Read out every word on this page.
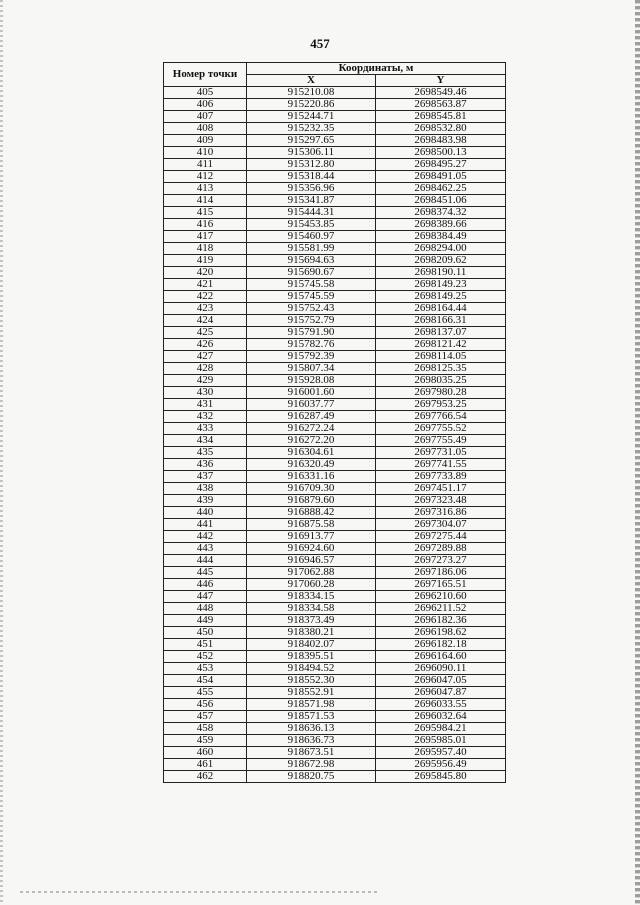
457
Номер точки	Координаты, м	
	X	Y
405	915210.08	2698549.46
406	915220.86	2698563.87
407	915244.71	2698545.81
408	915232.35	2698532.80
409	915297.65	2698483.98
410	915306.11	2698500.13
411	915312.80	2698495.27
412	915318.44	2698491.05
413	915356.96	2698462.25
414	915341.87	2698451.06
415	915444.31	2698374.32
416	915453.85	2698389.66
417	915460.97	2698384.49
418	915581.99	2698294.00
419	915694.63	2698209.62
420	915690.67	2698190.11
421	915745.58	2698149.23
422	915745.59	2698149.25
423	915752.43	2698164.44
424	915752.79	2698166.31
425	915791.90	2698137.07
426	915782.76	2698121.42
427	915792.39	2698114.05
428	915807.34	2698125.35
429	915928.08	2698035.25
430	916001.60	2697980.28
431	916037.77	2697953.25
432	916287.49	2697766.54
433	916272.24	2697755.52
434	916272.20	2697755.49
435	916304.61	2697731.05
436	916320.49	2697741.55
437	916331.16	2697733.89
438	916709.30	2697451.17
439	916879.60	2697323.48
440	916888.42	2697316.86
441	916875.58	2697304.07
442	916913.77	2697275.44
443	916924.60	2697289.88
444	916946.57	2697273.27
445	917062.88	2697186.06
446	917060.28	2697165.51
447	918334.15	2696210.60
448	918334.58	2696211.52
449	918373.49	2696182.36
450	918380.21	2696198.62
451	918402.07	2696182.18
452	918395.51	2696164.60
453	918494.52	2696090.11
454	918552.30	2696047.05
455	918552.91	2696047.87
456	918571.98	2696033.55
457	918571.53	2696032.64
458	918636.13	2695984.21
459	918636.73	2695985.01
460	918673.51	2695957.40
461	918672.98	2695956.49
462	918820.75	2695845.80
